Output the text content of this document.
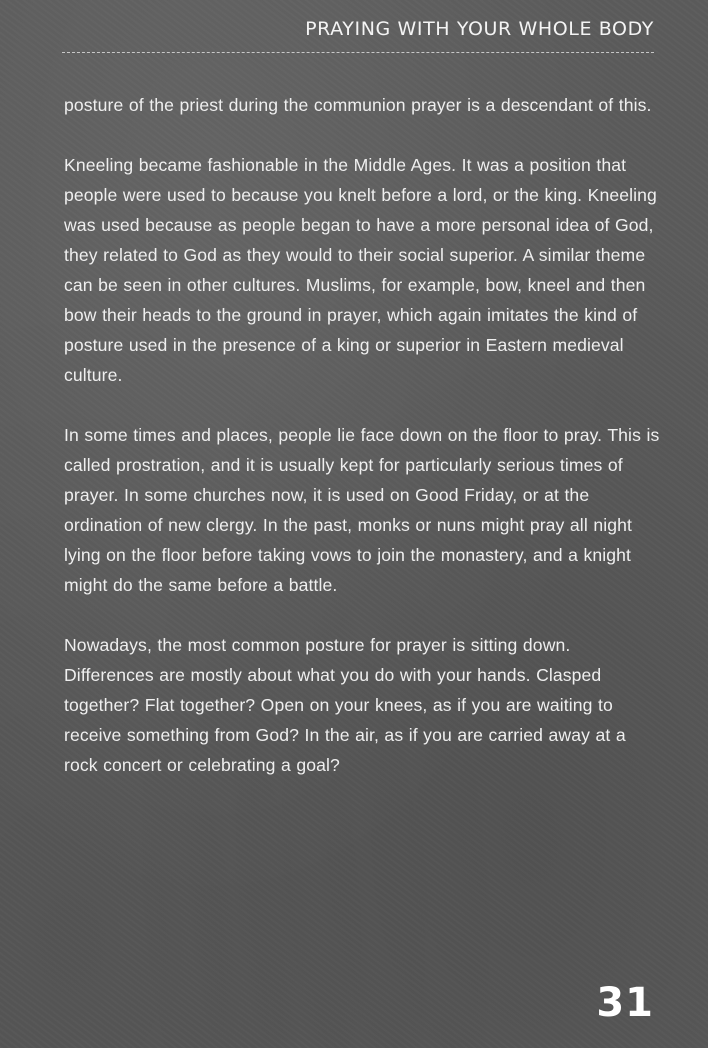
PRAYING WITH YOUR WHOLE BODY

posture of the priest during the communion prayer is a descendant of this.

Kneeling became fashionable in the Middle Ages. It was a position that people were used to because you knelt before a lord, or the king. Kneeling was used because as people began to have a more personal idea of God, they related to God as they would to their social superior. A similar theme can be seen in other cultures. Muslims, for example, bow, kneel and then bow their heads to the ground in prayer, which again imitates the kind of posture used in the presence of a king or superior in Eastern medieval culture.

In some times and places, people lie face down on the floor to pray. This is called prostration, and it is usually kept for particularly serious times of prayer. In some churches now, it is used on Good Friday, or at the ordination of new clergy. In the past, monks or nuns might pray all night lying on the floor before taking vows to join the monastery, and a knight might do the same before a battle.

Nowadays, the most common posture for prayer is sitting down. Differences are mostly about what you do with your hands. Clasped together? Flat together? Open on your knees, as if you are waiting to receive something from God? In the air, as if you are carried away at a rock concert or celebrating a goal?

31
